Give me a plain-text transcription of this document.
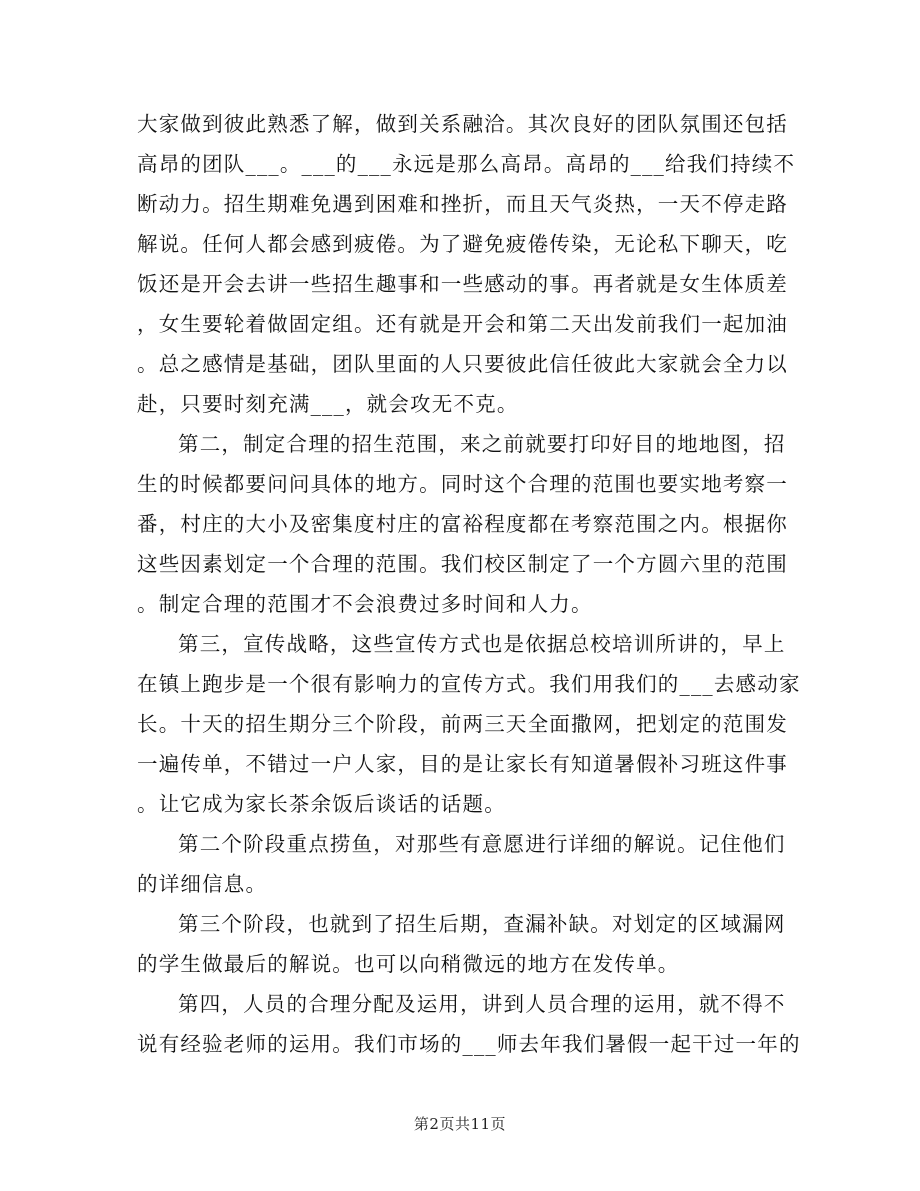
大家做到彼此熟悉了解，做到关系融洽。其次良好的团队氛围还包括
高昂的团队___。___的___永远是那么高昂。高昂的___给我们持续不
断动力。招生期难免遇到困难和挫折，而且天气炎热，一天不停走路
解说。任何人都会感到疲倦。为了避免疲倦传染，无论私下聊天，吃
饭还是开会去讲一些招生趣事和一些感动的事。再者就是女生体质差
，女生要轮着做固定组。还有就是开会和第二天出发前我们一起加油
。总之感情是基础，团队里面的人只要彼此信任彼此大家就会全力以
赴，只要时刻充满___，就会攻无不克。
第二，制定合理的招生范围，来之前就要打印好目的地地图，招
生的时候都要问问具体的地方。同时这个合理的范围也要实地考察一
番，村庄的大小及密集度村庄的富裕程度都在考察范围之内。根据你
这些因素划定一个合理的范围。我们校区制定了一个方圆六里的范围
。制定合理的范围才不会浪费过多时间和人力。
第三，宣传战略，这些宣传方式也是依据总校培训所讲的，早上
在镇上跑步是一个很有影响力的宣传方式。我们用我们的___去感动家
长。十天的招生期分三个阶段，前两三天全面撒网，把划定的范围发
一遍传单，不错过一户人家，目的是让家长有知道暑假补习班这件事
。让它成为家长茶余饭后谈话的话题。
第二个阶段重点捞鱼，对那些有意愿进行详细的解说。记住他们
的详细信息。
第三个阶段，也就到了招生后期，查漏补缺。对划定的区域漏网
的学生做最后的解说。也可以向稍微远的地方在发传单。
第四，人员的合理分配及运用，讲到人员合理的运用，就不得不
说有经验老师的运用。我们市场的___师去年我们暑假一起干过一年的
第2页共11页
